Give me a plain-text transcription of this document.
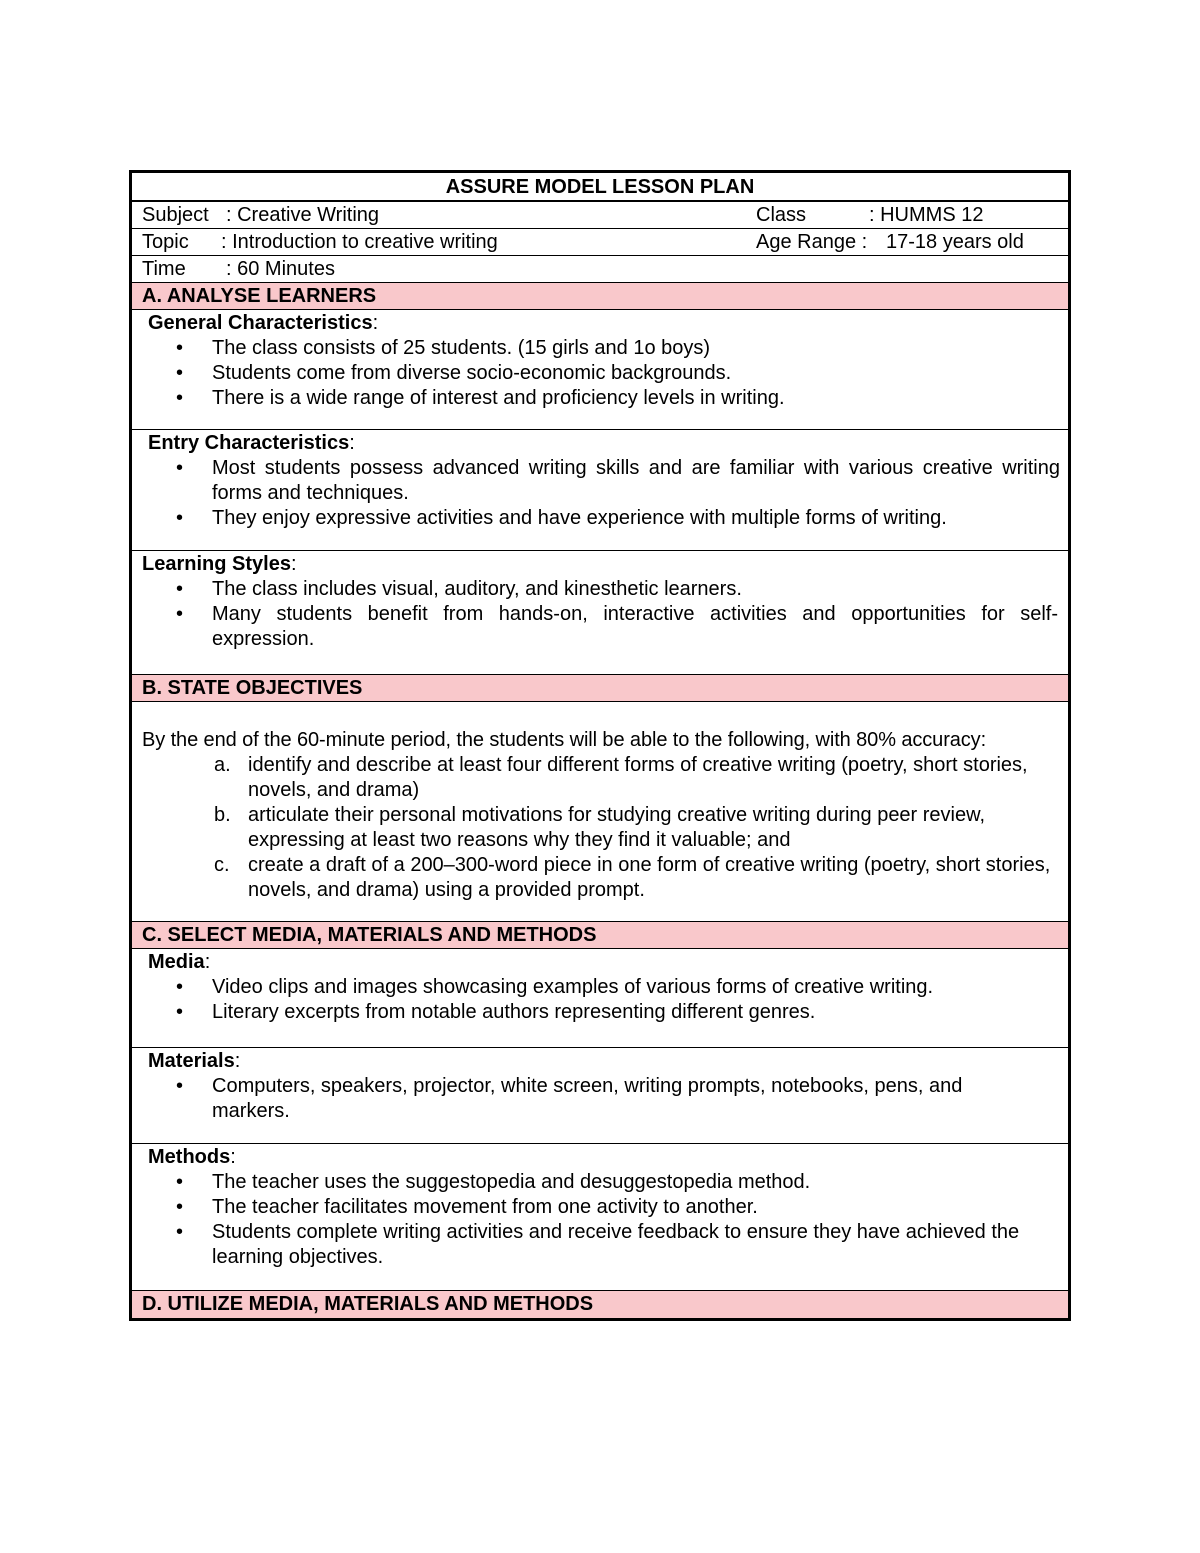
ASSURE MODEL LESSON PLAN
Subject : Creative Writing	Class	: HUMMS 12
Topic : Introduction to creative writing	Age Range : 17-18 years old
Time : 60 Minutes
A. ANALYSE LEARNERS
General Characteristics:
• The class consists of 25 students. (15 girls and 1o boys)
• Students come from diverse socio-economic backgrounds.
• There is a wide range of interest and proficiency levels in writing.
Entry Characteristics:
• Most students possess advanced writing skills and are familiar with various creative writing forms and techniques.
• They enjoy expressive activities and have experience with multiple forms of writing.
Learning Styles:
• The class includes visual, auditory, and kinesthetic learners.
• Many students benefit from hands-on, interactive activities and opportunities for self-expression.
B. STATE OBJECTIVES
By the end of the 60-minute period, the students will be able to the following, with 80% accuracy:
a. identify and describe at least four different forms of creative writing (poetry, short stories, novels, and drama)
b. articulate their personal motivations for studying creative writing during peer review, expressing at least two reasons why they find it valuable; and
c. create a draft of a 200–300-word piece in one form of creative writing (poetry, short stories, novels, and drama) using a provided prompt.
C. SELECT MEDIA, MATERIALS AND METHODS
Media:
• Video clips and images showcasing examples of various forms of creative writing.
• Literary excerpts from notable authors representing different genres.
Materials:
• Computers, speakers, projector, white screen, writing prompts, notebooks, pens, and markers.
Methods:
• The teacher uses the suggestopedia and desuggestopedia method.
• The teacher facilitates movement from one activity to another.
• Students complete writing activities and receive feedback to ensure they have achieved the learning objectives.
D. UTILIZE MEDIA, MATERIALS AND METHODS
